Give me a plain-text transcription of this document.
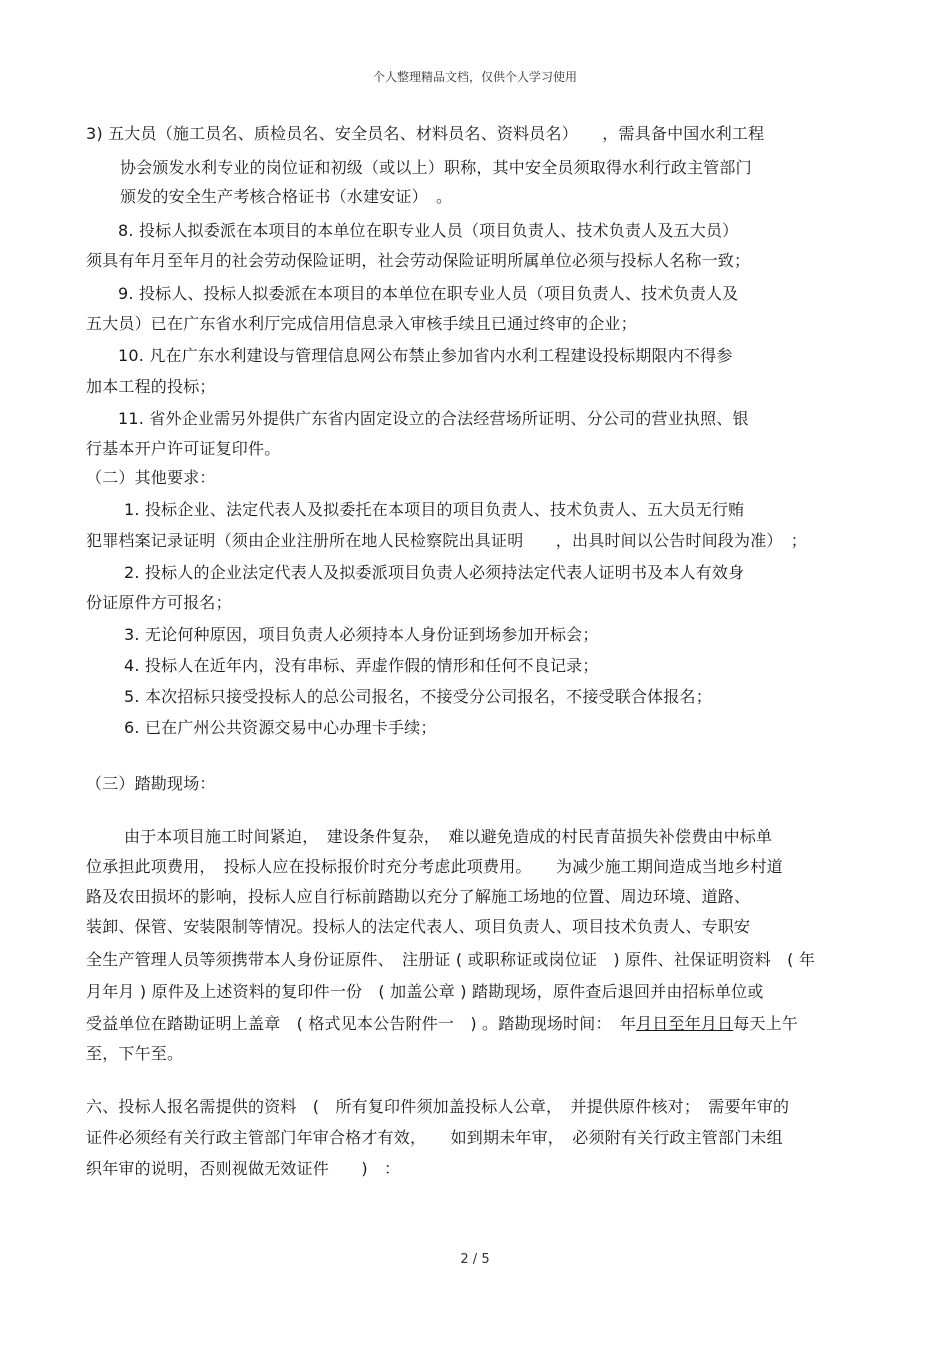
个人整理精品文档，仅供个人学习使用
3) 五大员（施工员名、质检员名、安全员名、材料员名、资料员名）　　，需具备中国水利工程
协会颁发水利专业的岗位证和初级（或以上）职称，其中安全员须取得水利行政主管部门
颁发的安全生产考核合格证书（水建安证）　。
8. 投标人拟委派在本项目的本单位在职专业人员（项目负责人、技术负责人及五大员）
须具有年月至年月的社会劳动保险证明，社会劳动保险证明所属单位必须与投标人名称一致；
9. 投标人、投标人拟委派在本项目的本单位在职专业人员（项目负责人、技术负责人及
五大员）已在广东省水利厅完成信用信息录入审核手续且已通过终审的企业；
10. 凡在广东水利建设与管理信息网公布禁止参加省内水利工程建设投标期限内不得参
加本工程的投标；
11. 省外企业需另外提供广东省内固定设立的合法经营场所证明、分公司的营业执照、银
行基本开户许可证复印件。
（二）其他要求：
1. 投标企业、法定代表人及拟委托在本项目的项目负责人、技术负责人、五大员无行贿
犯罪档案记录证明（须由企业注册所在地人民检察院出具证明　　，出具时间以公告时间段为准）　；
2. 投标人的企业法定代表人及拟委派项目负责人必须持法定代表人证明书及本人有效身
份证原件方可报名；
3. 无论何种原因，项目负责人必须持本人身份证到场参加开标会；
4. 投标人在近年内，没有串标、弄虚作假的情形和任何不良记录；
5. 本次招标只接受投标人的总公司报名，不接受分公司报名，不接受联合体报名；
6. 已在广州公共资源交易中心办理卡手续；
（三）踏勘现场：
由于本项目施工时间紧迫，　建设条件复杂，　难以避免造成的村民青苗损失补偿费由中标单
位承担此项费用，　投标人应在投标报价时充分考虑此项费用。　　为减少施工期间造成当地乡村道
路及农田损坏的影响，投标人应自行标前踏勘以充分了解施工场地的位置、周边环境、道路、
装卸、保管、安装限制等情况。投标人的法定代表人、项目负责人、项目技术负责人、专职安
全生产管理人员等须携带本人身份证原件、　注册证 ( 或职称证或岗位证　) 原件、社保证明资料　( 年
月年月 ) 原件及上述资料的复印件一份　( 加盖公章 ) 踏勘现场，原件查后退回并由招标单位或
受益单位在踏勘证明上盖章　( 格式见本公告附件一　) 。踏勘现场时间：　年月日至年月日每天上午
至，下午至。
六、投标人报名需提供的资料　(　所有复印件须加盖投标人公章，　并提供原件核对；　需要年审的
证件必须经有关行政主管部门年审合格才有效，　　如到期未年审，　必须附有关行政主管部门未组
织年审的说明，否则视做无效证件　　)　：
2 / 5
